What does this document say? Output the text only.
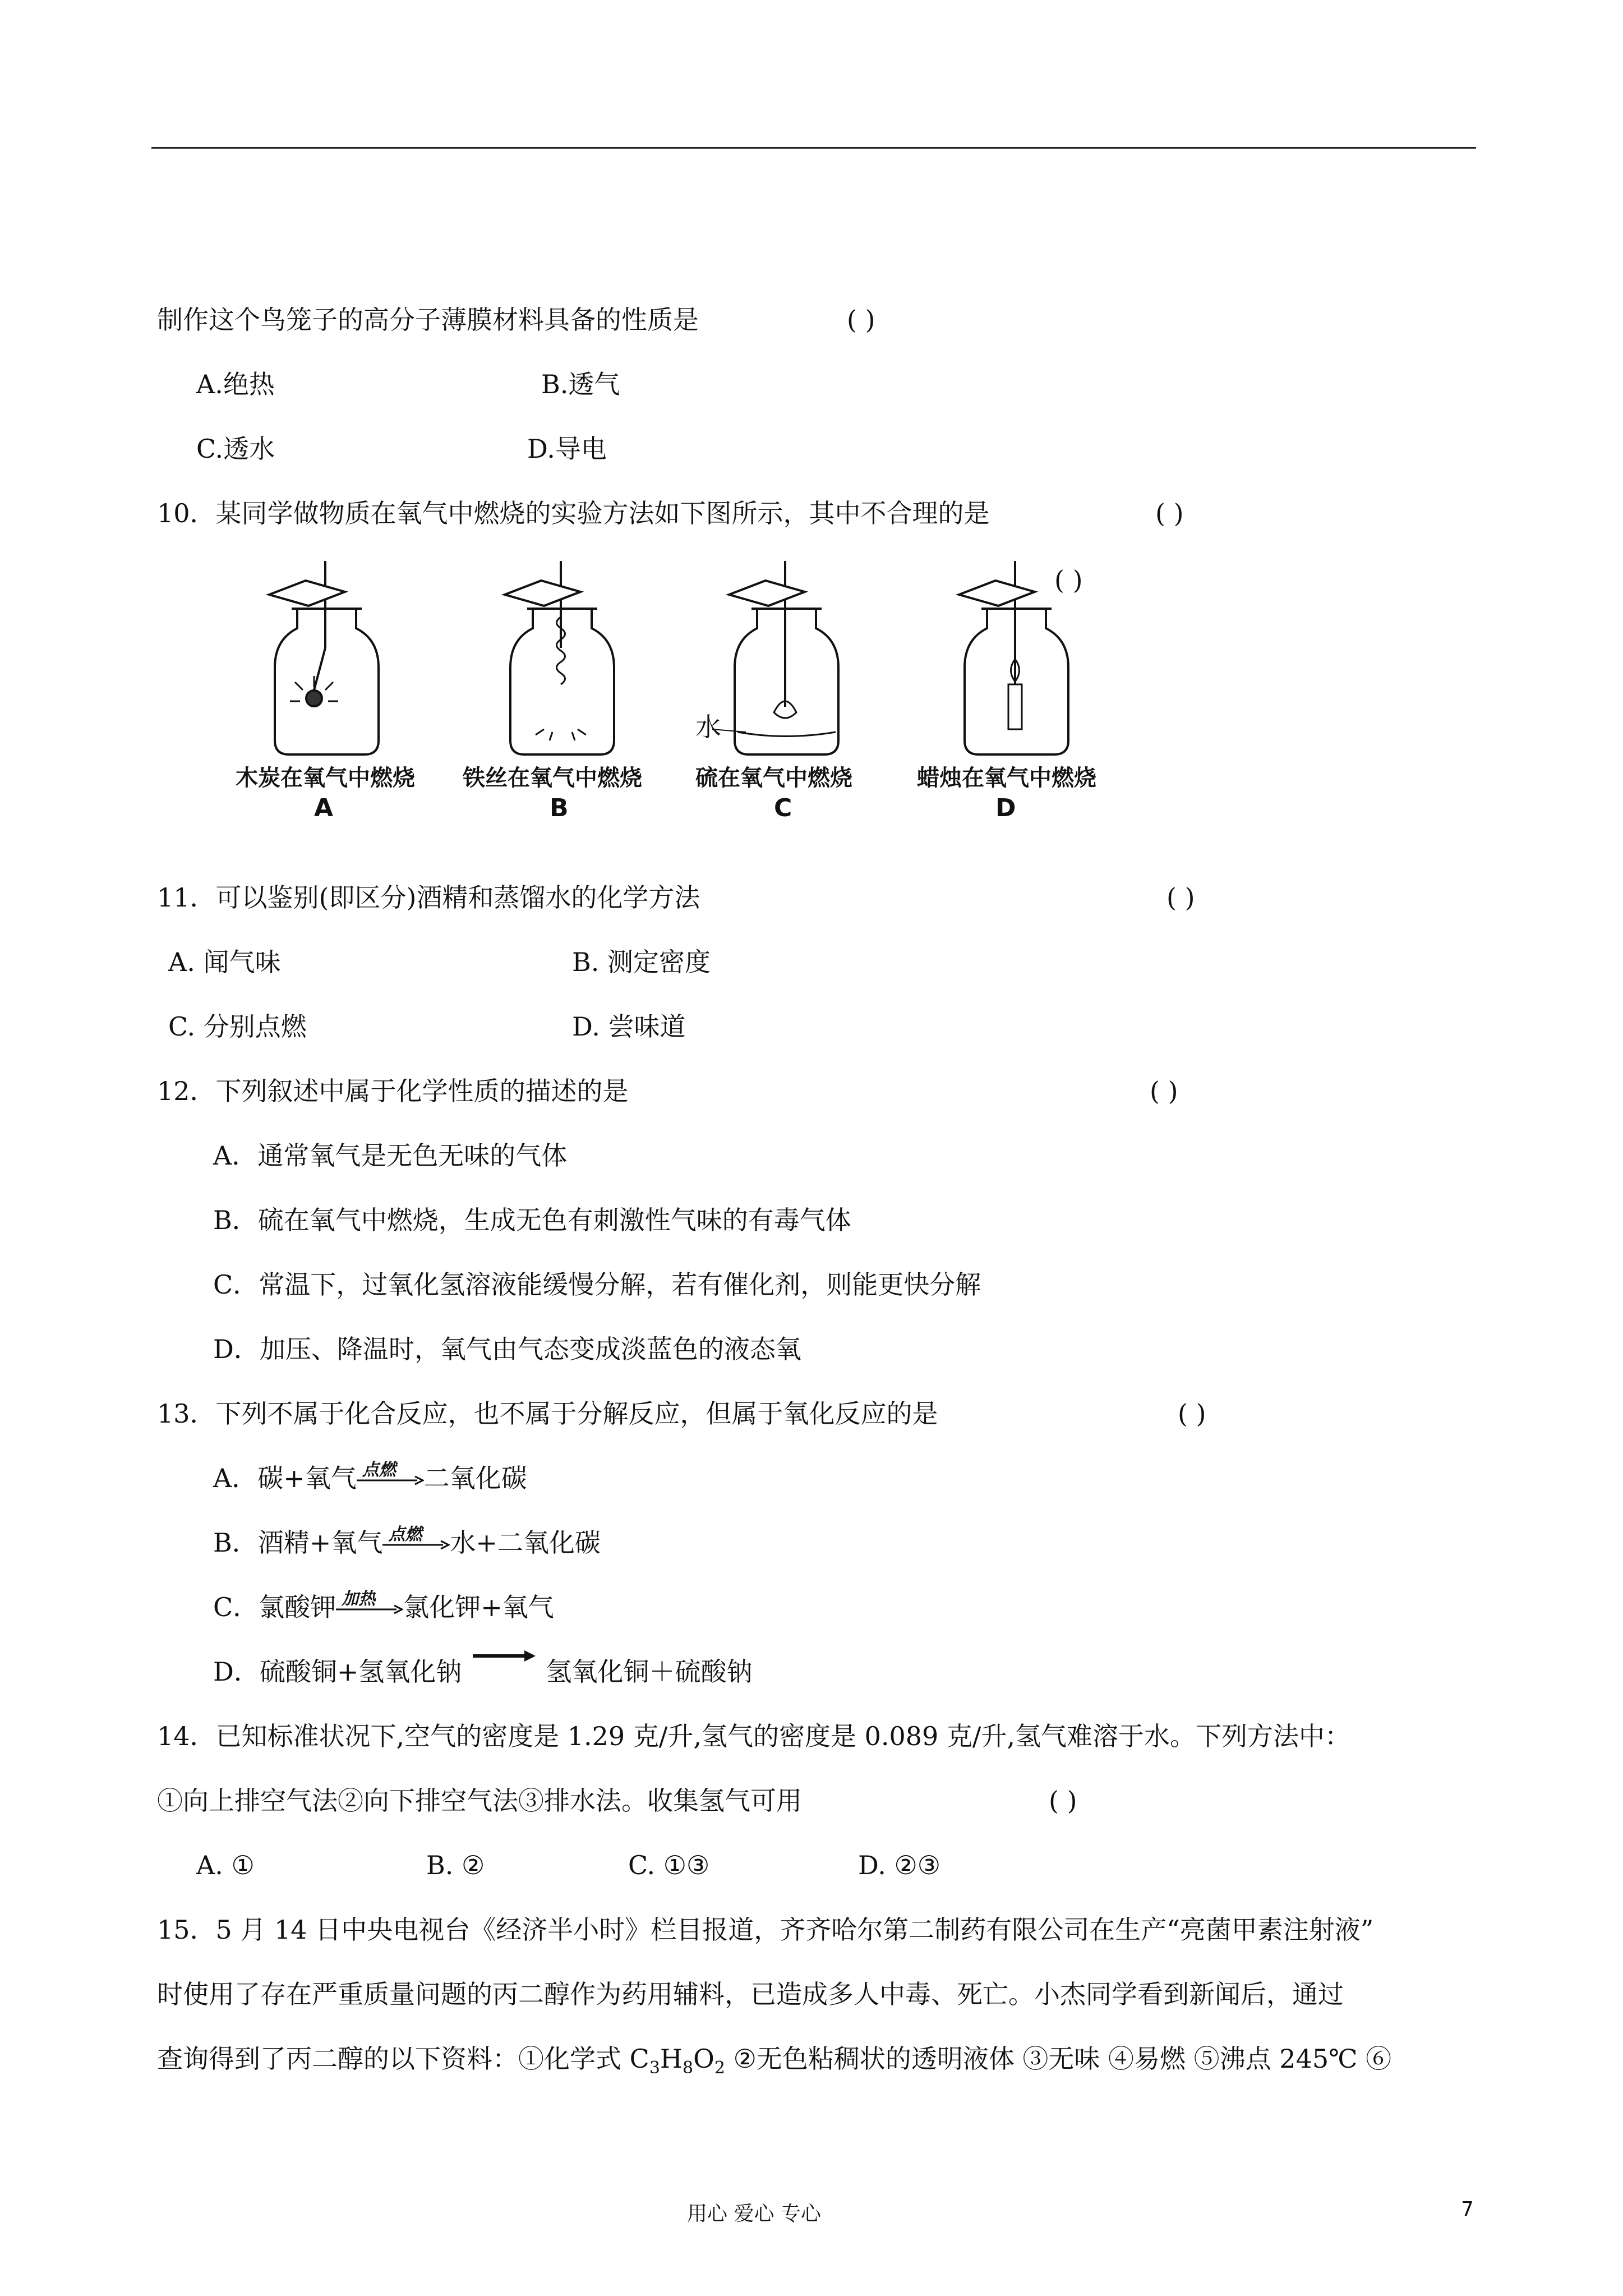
制作这个鸟笼子的高分子薄膜材料具备的性质是	( )
A.绝热	B.透气
C.透水	D.导电
10．某同学做物质在氧气中燃烧的实验方法如下图所示，其中不合理的是	( )
水
( )
木炭在氧气中燃烧 铁丝在氧气中燃烧 硫在氧气中燃烧	蜡烛在氧气中燃烧
A	B	C	D
11．可以鉴别(即区分)酒精和蒸馏水的化学方法	( )
A. 闻气味	B. 测定密度
C. 分别点燃	D. 尝味道
12．下列叙述中属于化学性质的描述的是	( )
A．通常氧气是无色无味的气体
B．硫在氧气中燃烧，生成无色有刺激性气味的有毒气体
C．常温下，过氧化氢溶液能缓慢分解，若有催化剂，则能更快分解
D．加压、降温时，氧气由气态变成淡蓝色的液态氧
13．下列不属于化合反应，也不属于分解反应，但属于氧化反应的是	( )
A．碳+氧气 点燃 二氧化碳
B．酒精+氧气 点燃 水+二氧化碳
C．氯酸钾 加热 氯化钾+氧气
D．硫酸铜+氢氧化钠→氢氧化铜＋硫酸钠
14．已知标准状况下,空气的密度是 1.29 克/升,氢气的密度是 0.089 克/升,氢气难溶于水。下列方法中：
①向上排空气法②向下排空气法③排水法。收集氢气可用	( )
A. ①	B. ②	C. ①③	D. ②③
15．5 月 14 日中央电视台《经济半小时》栏目报道，齐齐哈尔第二制药有限公司在生产“亮菌甲素注射液”
时使用了存在严重质量问题的丙二醇作为药用辅料，已造成多人中毒、死亡。小杰同学看到新闻后，通过
查询得到了丙二醇的以下资料：①化学式 $C_3H_8O_2$ ②无色粘稠状的透明液体 ③无味 ④易燃 ⑤沸点 245℃ ⑥
用心 爱心 专心	7
